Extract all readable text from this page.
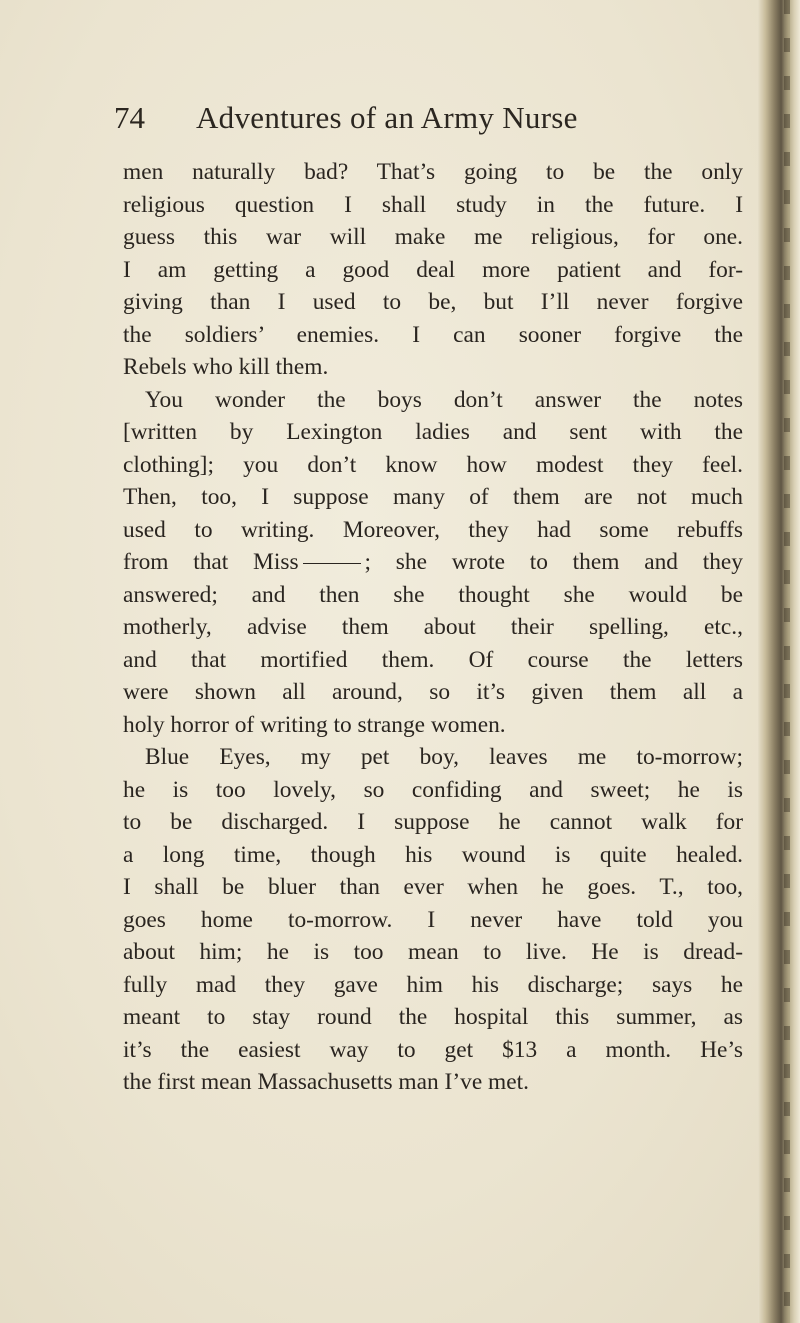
74 Adventures of an Army Nurse
men naturally bad? That’s going to be the only
religious question I shall study in the future. I
guess this war will make me religious, for one.
I am getting a good deal more patient and for-
giving than I used to be, but I’ll never forgive
the soldiers’ enemies. I can sooner forgive the
Rebels who kill them.
You wonder the boys don’t answer the notes
[written by Lexington ladies and sent with the
clothing]; you don’t know how modest they feel.
Then, too, I suppose many of them are not much
used to writing. Moreover, they had some rebuffs
from that Miss	; she wrote to them and they
answered; and then she thought she would be
motherly, advise them about their spelling, etc.,
and that mortified them. Of course the letters
were shown all around, so it’s given them all a
holy horror of writing to strange women.
Blue Eyes, my pet boy, leaves me to-morrow;
he is too lovely, so confiding and sweet; he is
to be discharged. I suppose he cannot walk for
a long time, though his wound is quite healed.
I shall be bluer than ever when he goes. T., too,
goes home to-morrow. I never have told you
about him; he is too mean to live. He is dread-
fully mad they gave him his discharge; says he
meant to stay round the hospital this summer, as
it’s the easiest way to get $13 a month. He’s
the first mean Massachusetts man I’ve met.
